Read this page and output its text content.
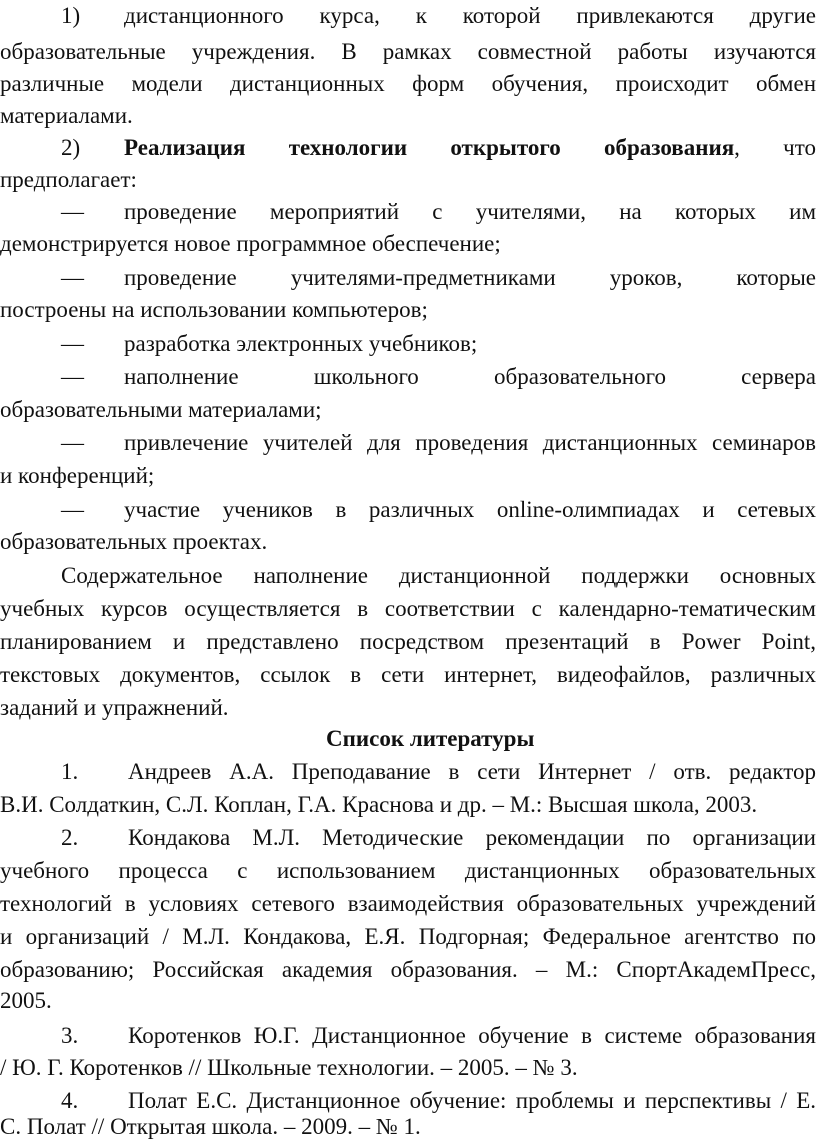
1) дистанционного курса, к которой привлекаются другие
образовательные учреждения. В рамках совместной работы изучаются
различные модели дистанционных форм обучения, происходит обмен
материалами.
2) Реализация технологии открытого образования, что
предполагает:
— проведение мероприятий с учителями, на которых им
демонстрируется новое программное обеспечение;
— проведение учителями-предметниками уроков, которые
построены на использовании компьютеров;
— разработка электронных учебников;
— наполнение школьного образовательного сервера
образовательными материалами;
— привлечение учителей для проведения дистанционных семинаров
и конференций;
— участие учеников в различных online-олимпиадах и сетевых
образовательных проектах.
Содержательное наполнение дистанционной поддержки основных
учебных курсов осуществляется в соответствии с календарно-тематическим
планированием и представлено посредством презентаций в Power Point,
текстовых документов, ссылок в сети интернет, видеофайлов, различных
заданий и упражнений.
Список литературы
1. Андреев А.А. Преподавание в сети Интернет / отв. редактор
В.И. Солдаткин, С.Л. Коплан, Г.А. Краснова и др. – М.: Высшая школа, 2003.
2. Кондакова М.Л. Методические рекомендации по организации
учебного процесса с использованием дистанционных образовательных
технологий в условиях сетевого взаимодействия образовательных учреждений
и организаций / М.Л. Кондакова, Е.Я. Подгорная; Федеральное агентство по
образованию; Российская академия образования. – М.: СпортАкадемПресс,
2005.
3. Коротенков Ю.Г. Дистанционное обучение в системе образования
/ Ю. Г. Коротенков // Школьные технологии. – 2005. – № 3.
4. Полат Е.С. Дистанционное обучение: проблемы и перспективы / Е.
С. Полат // Открытая школа. – 2009. – № 1.
